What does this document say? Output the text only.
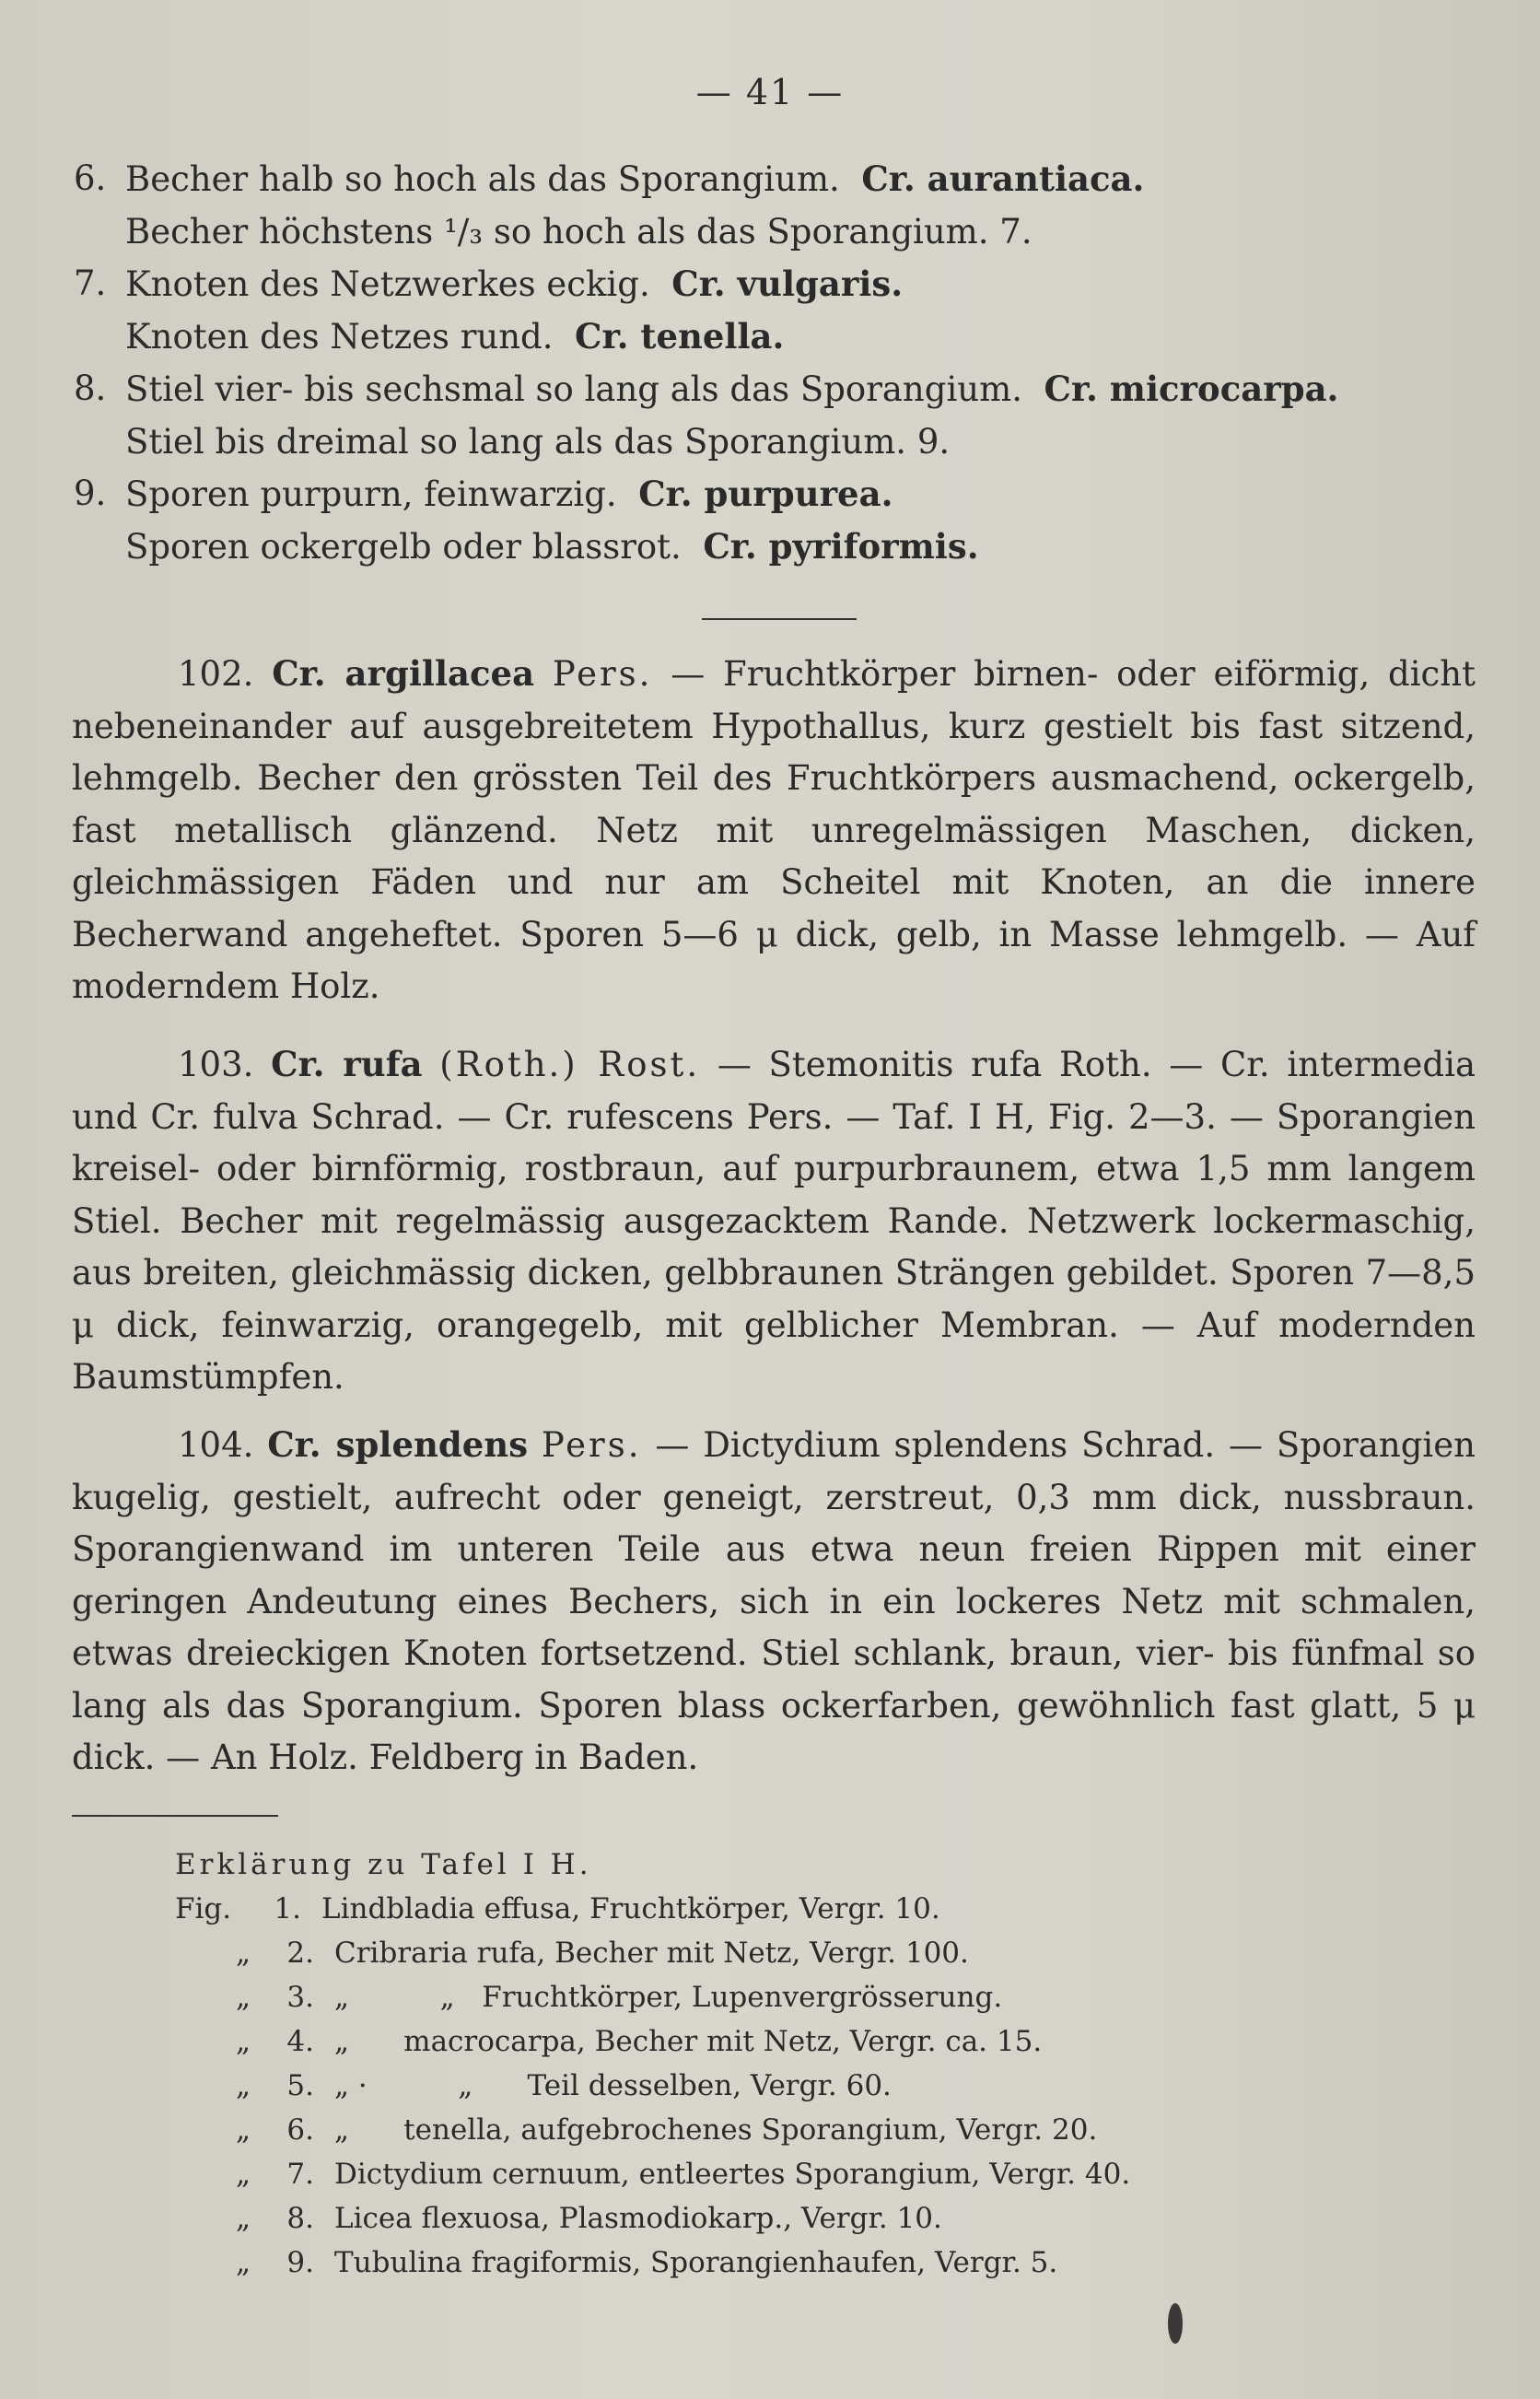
— 41 —
6. Becher halb so hoch als das Sporangium. Cr. aurantiaca.
Becher höchstens ¹/₃ so hoch als das Sporangium. 7.
7. Knoten des Netzwerkes eckig. Cr. vulgaris.
Knoten des Netzes rund. Cr. tenella.
8. Stiel vier- bis sechsmal so lang als das Sporangium. Cr. microcarpa.
Stiel bis dreimal so lang als das Sporangium. 9.
9. Sporen purpurn, feinwarzig. Cr. purpurea.
Sporen ockergelb oder blassrot. Cr. pyriformis.
102. Cr. argillacea Pers. — Fruchtkörper birnen- oder eiförmig, dicht nebeneinander auf ausgebreitetem Hypothallus, kurz gestielt bis fast sitzend, lehmgelb. Becher den grössten Teil des Fruchtkörpers ausmachend, ockergelb, fast metallisch glänzend. Netz mit unregelmässigen Maschen, dicken, gleichmässigen Fäden und nur am Scheitel mit Knoten, an die innere Becherwand angeheftet. Sporen 5—6 μ dick, gelb, in Masse lehmgelb. — Auf moderndem Holz.
103. Cr. rufa (Roth.) Rost. — Stemonitis rufa Roth. — Cr. intermedia und Cr. fulva Schrad. — Cr. rufescens Pers. — Taf. I H, Fig. 2—3. — Sporangien kreisel- oder birnförmig, rostbraun, auf purpurbraunem, etwa 1,5 mm langem Stiel. Becher mit regelmässig ausgezacktem Rande. Netzwerk lockermaschig, aus breiten, gleichmässig dicken, gelbbraunen Strängen gebildet. Sporen 7—8,5 μ dick, feinwarzig, orangegelb, mit gelblicher Membran. — Auf modernden Baumstümpfen.
104. Cr. splendens Pers. — Dictydium splendens Schrad. — Sporangien kugelig, gestielt, aufrecht oder geneigt, zerstreut, 0,3 mm dick, nussbraun. Sporangienwand im unteren Teile aus etwa neun freien Rippen mit einer geringen Andeutung eines Bechers, sich in ein lockeres Netz mit schmalen, etwas dreieckigen Knoten fortsetzend. Stiel schlank, braun, vier- bis fünfmal so lang als das Sporangium. Sporen blass ockerfarben, gewöhnlich fast glatt, 5 μ dick. — An Holz. Feldberg in Baden.
Erklärung zu Tafel I H.
Fig.	1. Lindbladia effusa, Fruchtkörper, Vergr. 10.
„	2. Cribraria rufa, Becher mit Netz, Vergr. 100.
„	3. „          „   Fruchtkörper, Lupenvergrösserung.
„	4. „      macrocarpa, Becher mit Netz, Vergr. ca. 15.
„	5. „ ·          „      Teil desselben, Vergr. 60.
„	6. „      tenella, aufgebrochenes Sporangium, Vergr. 20.
„	7. Dictydium cernuum, entleertes Sporangium, Vergr. 40.
„	8. Licea flexuosa, Plasmodiokarp., Vergr. 10.
„	9. Tubulina fragiformis, Sporangienhaufen, Vergr. 5.
